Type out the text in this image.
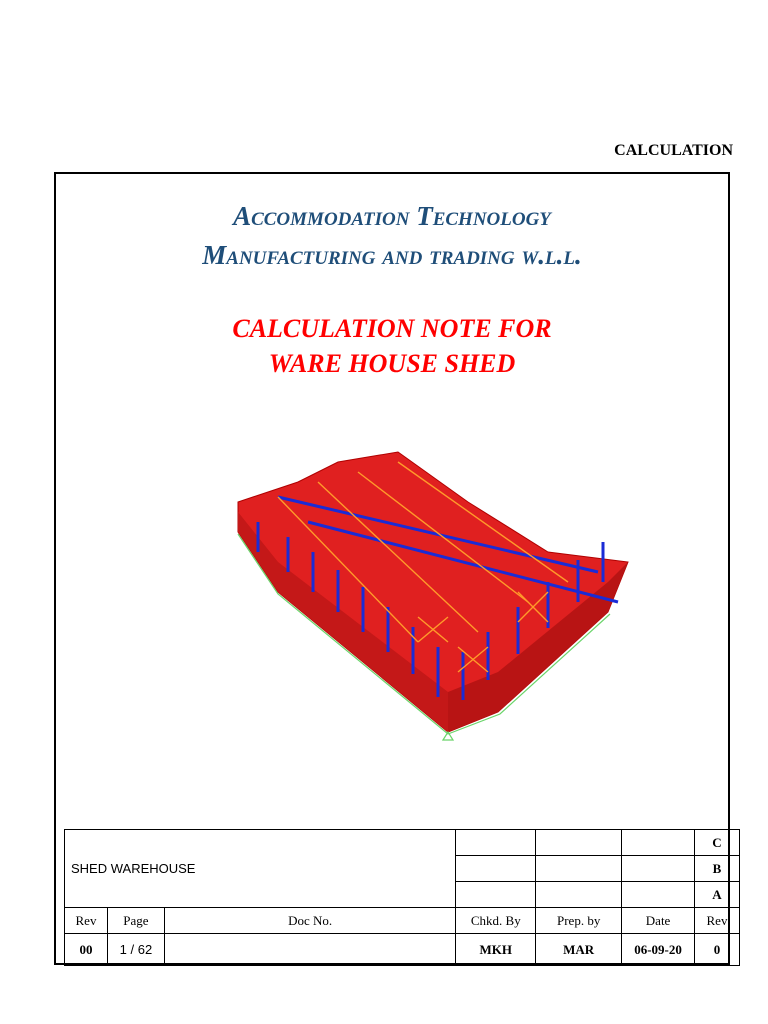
CALCULATION
Accommodation Technology
Manufacturing and trading w.l.l.
CALCULATION NOTE FOR
WARE HOUSE SHED
SHED WAREHOUSE						C
						B
						A
Rev	Page	Doc No.	Chkd. By	Prep. by	Date	Rev
00	1 / 62		MKH	MAR	06-09-20	0
